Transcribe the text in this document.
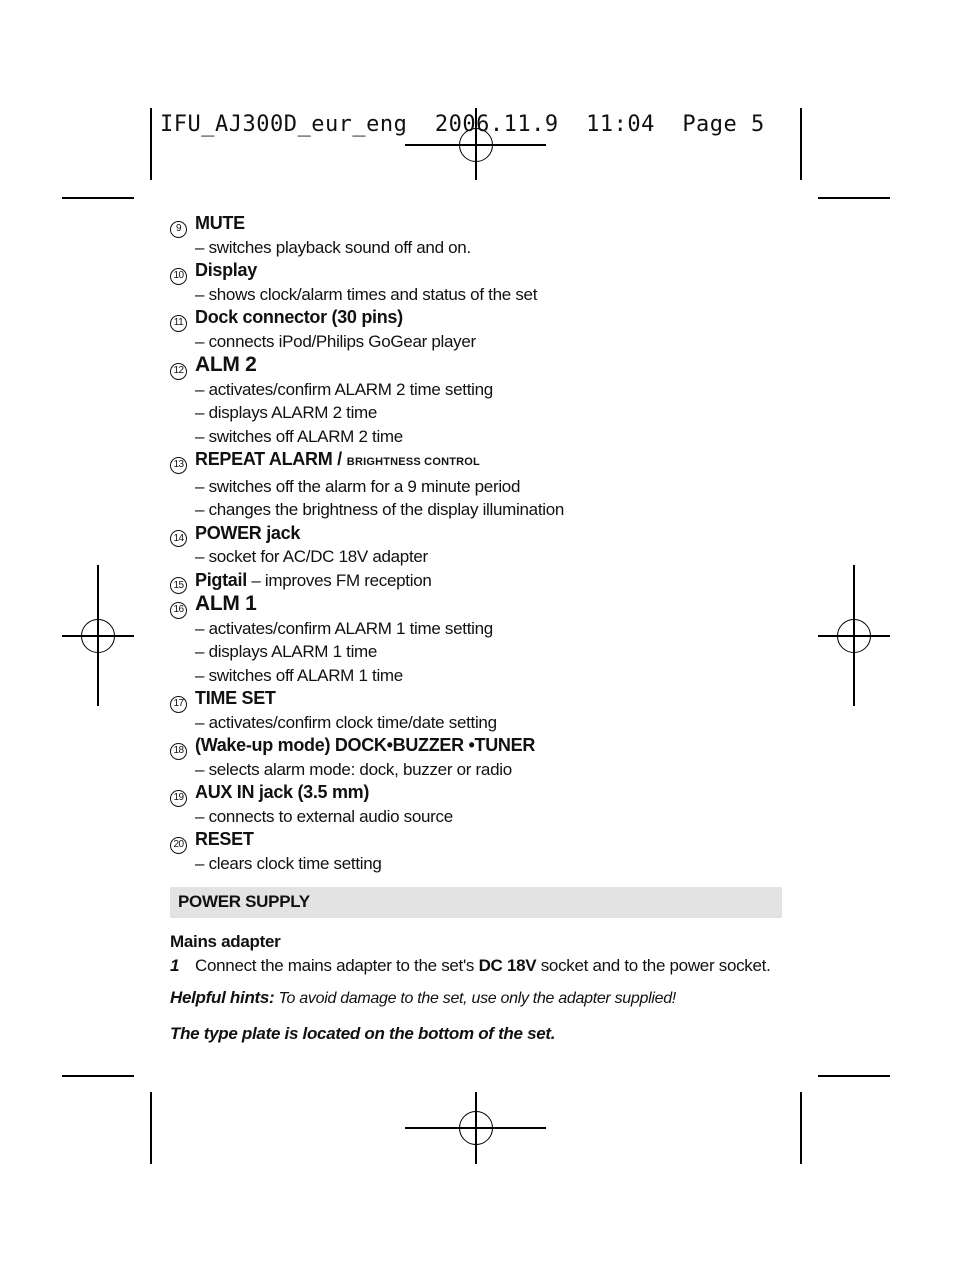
IFU_AJ300D_eur_eng  2006.11.9  11:04  Page 5
9 MUTE
– switches playback sound off and on.
10 Display
– shows clock/alarm times and status of the set
11 Dock connector (30 pins)
– connects iPod/Philips GoGear player
12 ALM 2
– activates/confirm ALARM 2 time setting
– displays ALARM 2 time
– switches off ALARM 2 time
13 REPEAT ALARM / BRIGHTNESS CONTROL
– switches off the alarm for a 9 minute period
– changes the brightness of the display illumination
14 POWER jack
– socket for AC/DC 18V adapter
15 Pigtail – improves FM reception
16 ALM 1
– activates/confirm ALARM 1 time setting
– displays ALARM 1 time
– switches off ALARM 1 time
17 TIME SET
– activates/confirm clock time/date setting
18 (Wake-up mode) DOCK•BUZZER •TUNER
– selects alarm mode: dock, buzzer or radio
19 AUX IN jack (3.5 mm)
– connects to external audio source
20 RESET
– clears clock time setting
POWER SUPPLY
Mains adapter
1 Connect the mains adapter to the set's DC 18V socket and to the power socket.
Helpful hints: To avoid damage to the set, use only the adapter supplied!
The type plate is located on the bottom of the set.
